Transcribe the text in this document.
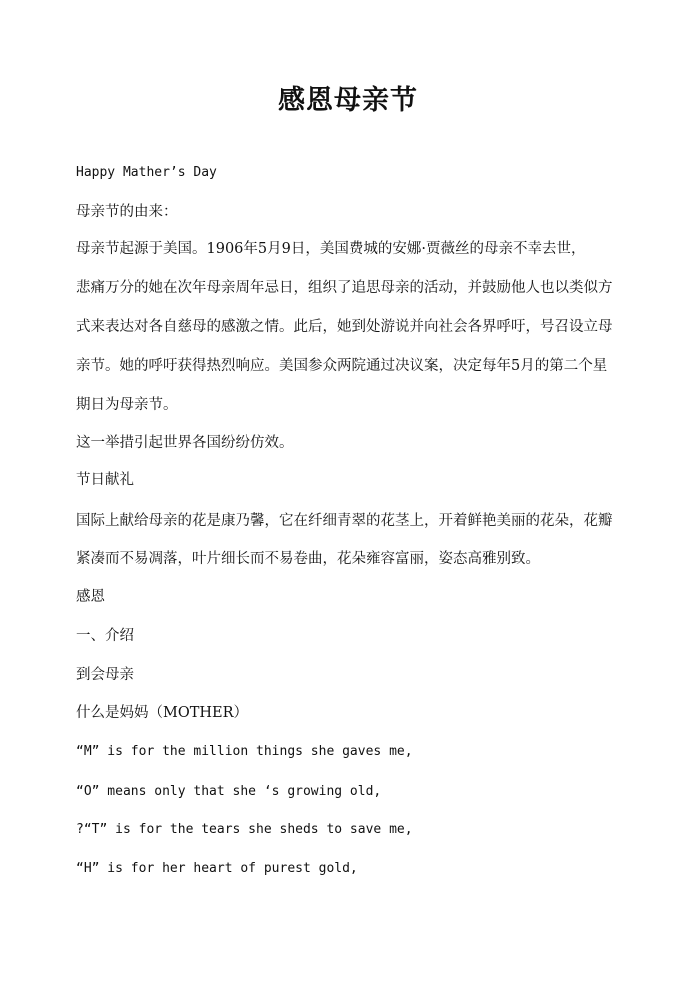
感恩母亲节
Happy Mather’s Day
母亲节的由来：
母亲节起源于美国。1906年5月9日，美国费城的安娜·贾薇丝的母亲不幸去世，
悲痛万分的她在次年母亲周年忌日，组织了追思母亲的活动，并鼓励他人也以类似方
式来表达对各自慈母的感激之情。此后，她到处游说并向社会各界呼吁，号召设立母
亲节。她的呼吁获得热烈响应。美国参众两院通过决议案，决定每年5月的第二个星
期日为母亲节。
这一举措引起世界各国纷纷仿效。
节日献礼
国际上献给母亲的花是康乃馨，它在纤细青翠的花茎上，开着鲜艳美丽的花朵，花瓣
紧凑而不易凋落，叶片细长而不易卷曲，花朵雍容富丽，姿态高雅别致。
感恩
一、介绍
到会母亲
什么是妈妈（MOTHER）
“M” is for the million things she gaves me,
“O” means only that she ‘s growing old,
?“T” is for the tears she sheds to save me,
“H” is for her heart of purest gold,
